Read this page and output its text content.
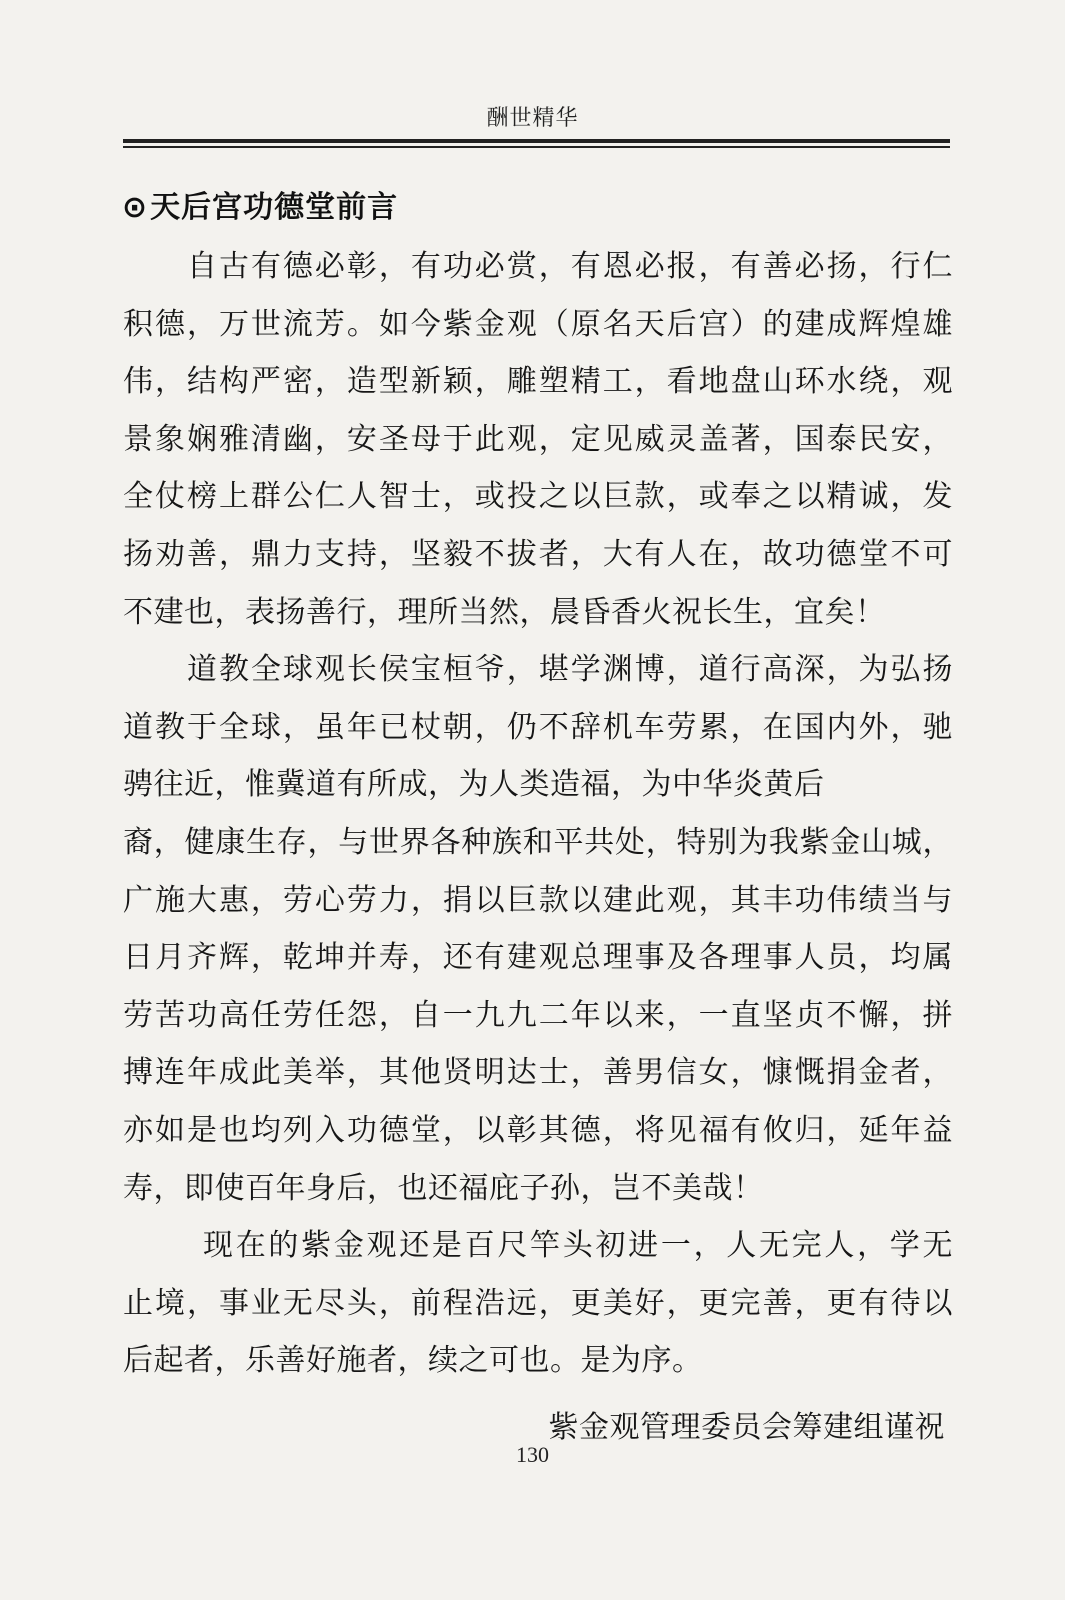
酬世精华
⊙天后宫功德堂前言
自古有德必彰，有功必赏，有恩必报，有善必扬，行仁
积德，万世流芳。如今紫金观（原名天后宫）的建成辉煌雄
伟，结构严密，造型新颖，雕塑精工，看地盘山环水绕，观
景象娴雅清幽，安圣母于此观，定见威灵盖著，国泰民安，
全仗榜上群公仁人智士，或投之以巨款，或奉之以精诚，发
扬劝善，鼎力支持，坚毅不拔者，大有人在，故功德堂不可
不建也，表扬善行，理所当然，晨昏香火祝长生，宜矣！
道教全球观长侯宝桓爷，堪学渊博，道行高深，为弘扬
道教于全球，虽年已杖朝，仍不辞机车劳累，在国内外，驰
骋往近，惟冀道有所成，为人类造福，为中华炎黄后
裔，健康生存，与世界各种族和平共处，特别为我紫金山城，
广施大惠，劳心劳力，捐以巨款以建此观，其丰功伟绩当与
日月齐辉，乾坤并寿，还有建观总理事及各理事人员，均属
劳苦功高任劳任怨，自一九九二年以来，一直坚贞不懈，拼
搏连年成此美举，其他贤明达士，善男信女，慷慨捐金者，
亦如是也均列入功德堂，以彰其德，将见福有攸归，延年益
寿，即使百年身后，也还福庇子孙，岂不美哉！
现在的紫金观还是百尺竿头初进一，人无完人，学无
止境，事业无尽头，前程浩远，更美好，更完善，更有待以
后起者，乐善好施者，续之可也。是为序。
紫金观管理委员会筹建组谨祝
130
